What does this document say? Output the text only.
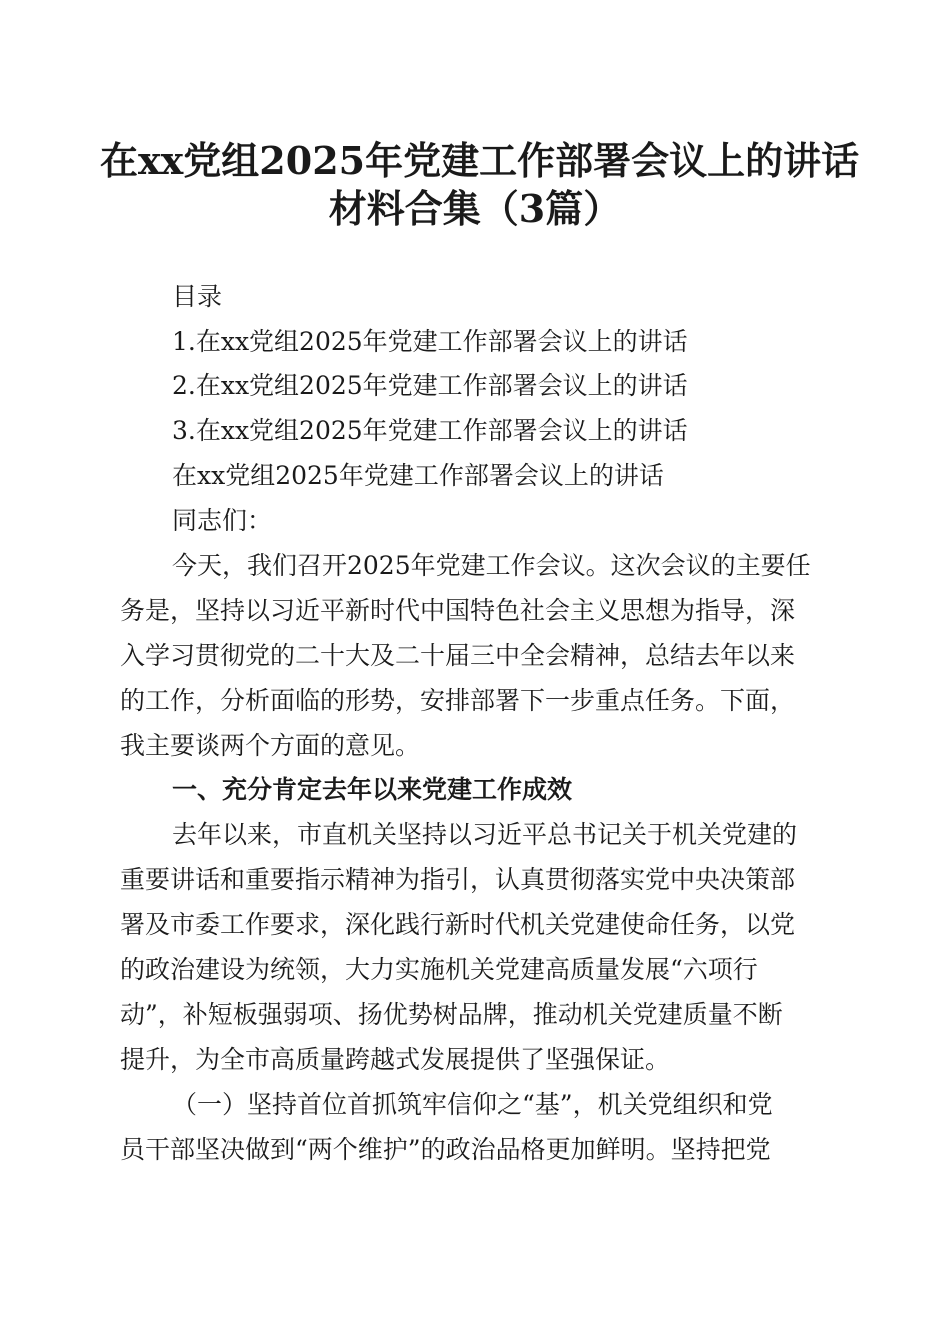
在xx党组2025年党建工作部署会议上的讲话
材料合集（3篇）

目录

1.在xx党组2025年党建工作部署会议上的讲话

2.在xx党组2025年党建工作部署会议上的讲话

3.在xx党组2025年党建工作部署会议上的讲话

在xx党组2025年党建工作部署会议上的讲话

同志们：

今天，我们召开2025年党建工作会议。这次会议的主要任

务是，坚持以习近平新时代中国特色社会主义思想为指导，深

入学习贯彻党的二十大及二十届三中全会精神，总结去年以来

的工作，分析面临的形势，安排部署下一步重点任务。下面，

我主要谈两个方面的意见。

一、充分肯定去年以来党建工作成效

去年以来，市直机关坚持以习近平总书记关于机关党建的

重要讲话和重要指示精神为指引，认真贯彻落实党中央决策部

署及市委工作要求，深化践行新时代机关党建使命任务，以党

的政治建设为统领，大力实施机关党建高质量发展“六项行

动”，补短板强弱项、扬优势树品牌，推动机关党建质量不断

提升，为全市高质量跨越式发展提供了坚强保证。

（一）坚持首位首抓筑牢信仰之“基”，机关党组织和党

员干部坚决做到“两个维护”的政治品格更加鲜明。坚持把党
